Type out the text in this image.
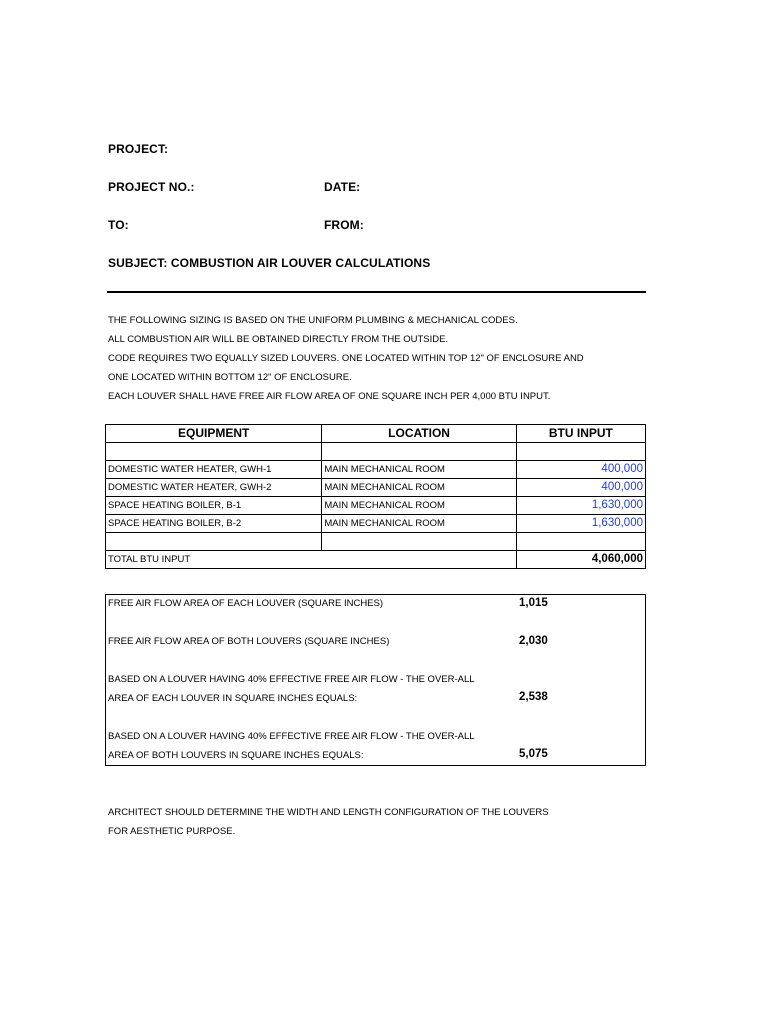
PROJECT:
PROJECT NO.:	DATE:
TO:	FROM:
SUBJECT: COMBUSTION AIR LOUVER CALCULATIONS
THE FOLLOWING SIZING IS BASED ON THE UNIFORM PLUMBING & MECHANICAL CODES.
ALL COMBUSTION AIR WILL BE OBTAINED DIRECTLY FROM THE OUTSIDE.
CODE REQUIRES TWO EQUALLY SIZED LOUVERS. ONE LOCATED WITHIN TOP 12" OF ENCLOSURE AND
ONE LOCATED WITHIN BOTTOM 12" OF ENCLOSURE.
EACH LOUVER SHALL HAVE FREE AIR FLOW AREA OF ONE SQUARE INCH PER 4,000 BTU INPUT.
EQUIPMENT	LOCATION	BTU INPUT

DOMESTIC WATER HEATER, GWH-1	MAIN MECHANICAL ROOM	400,000
DOMESTIC WATER HEATER, GWH-2	MAIN MECHANICAL ROOM	400,000
SPACE HEATING BOILER, B-1	MAIN MECHANICAL ROOM	1,630,000
SPACE HEATING BOILER, B-2	MAIN MECHANICAL ROOM	1,630,000

TOTAL BTU INPUT		4,060,000
FREE AIR FLOW AREA OF EACH LOUVER (SQUARE INCHES)	1,015
FREE AIR FLOW AREA OF BOTH LOUVERS (SQUARE INCHES)	2,030
BASED ON A LOUVER HAVING 40% EFFECTIVE FREE AIR FLOW - THE OVER-ALL
AREA OF EACH LOUVER IN SQUARE INCHES EQUALS:	2,538
BASED ON A LOUVER HAVING 40% EFFECTIVE FREE AIR FLOW - THE OVER-ALL
AREA OF BOTH LOUVERS IN SQUARE INCHES EQUALS:	5,075
ARCHITECT SHOULD DETERMINE THE WIDTH AND LENGTH CONFIGURATION OF THE LOUVERS
FOR AESTHETIC PURPOSE.
